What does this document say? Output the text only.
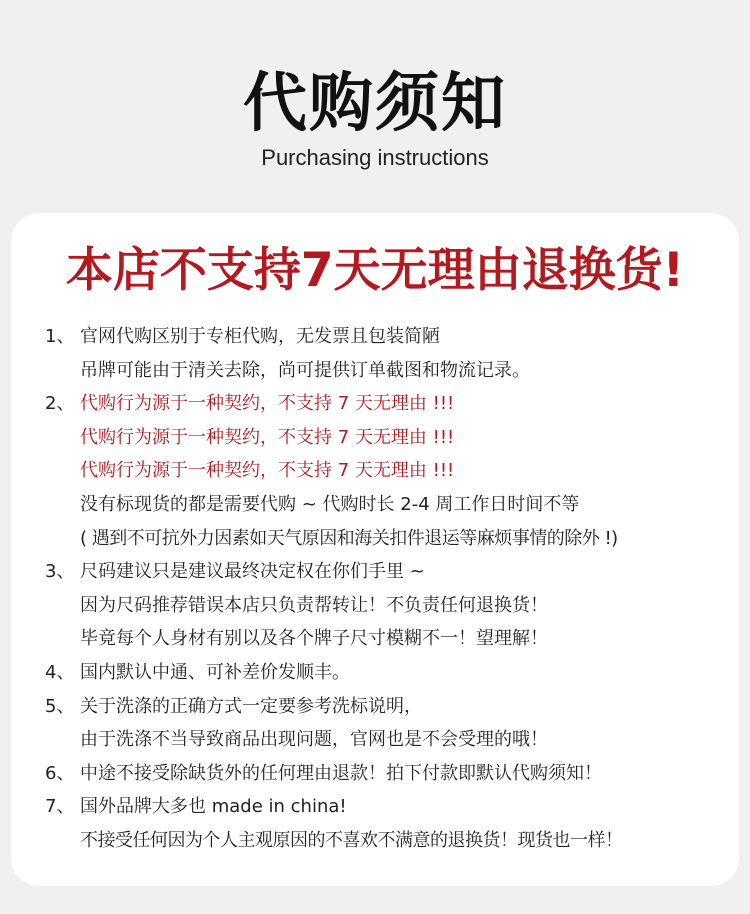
代购须知
Purchasing instructions
本店不支持7天无理由退换货!
1、 官网代购区别于专柜代购，无发票且包装简陋
吊牌可能由于清关去除，尚可提供订单截图和物流记录。
2、 代购行为源于一种契约，不支持 7 天无理由 !!!
代购行为源于一种契约，不支持 7 天无理由 !!!
代购行为源于一种契约，不支持 7 天无理由 !!!
没有标现货的都是需要代购 ~ 代购时长 2-4 周工作日时间不等
( 遇到不可抗外力因素如天气原因和海关扣件退运等麻烦事情的除外 !)
3、 尺码建议只是建议最终决定权在你们手里 ~
因为尺码推荐错误本店只负责帮转让！不负责任何退换货！
毕竟每个人身材有别以及各个牌子尺寸模糊不一！望理解！
4、 国内默认中通、可补差价发顺丰。
5、 关于洗涤的正确方式一定要参考洗标说明，
由于洗涤不当导致商品出现问题，官网也是不会受理的哦！
6、 中途不接受除缺货外的任何理由退款！拍下付款即默认代购须知！
7、 国外品牌大多也 made in china!
不接受任何因为个人主观原因的不喜欢不满意的退换货！现货也一样！
